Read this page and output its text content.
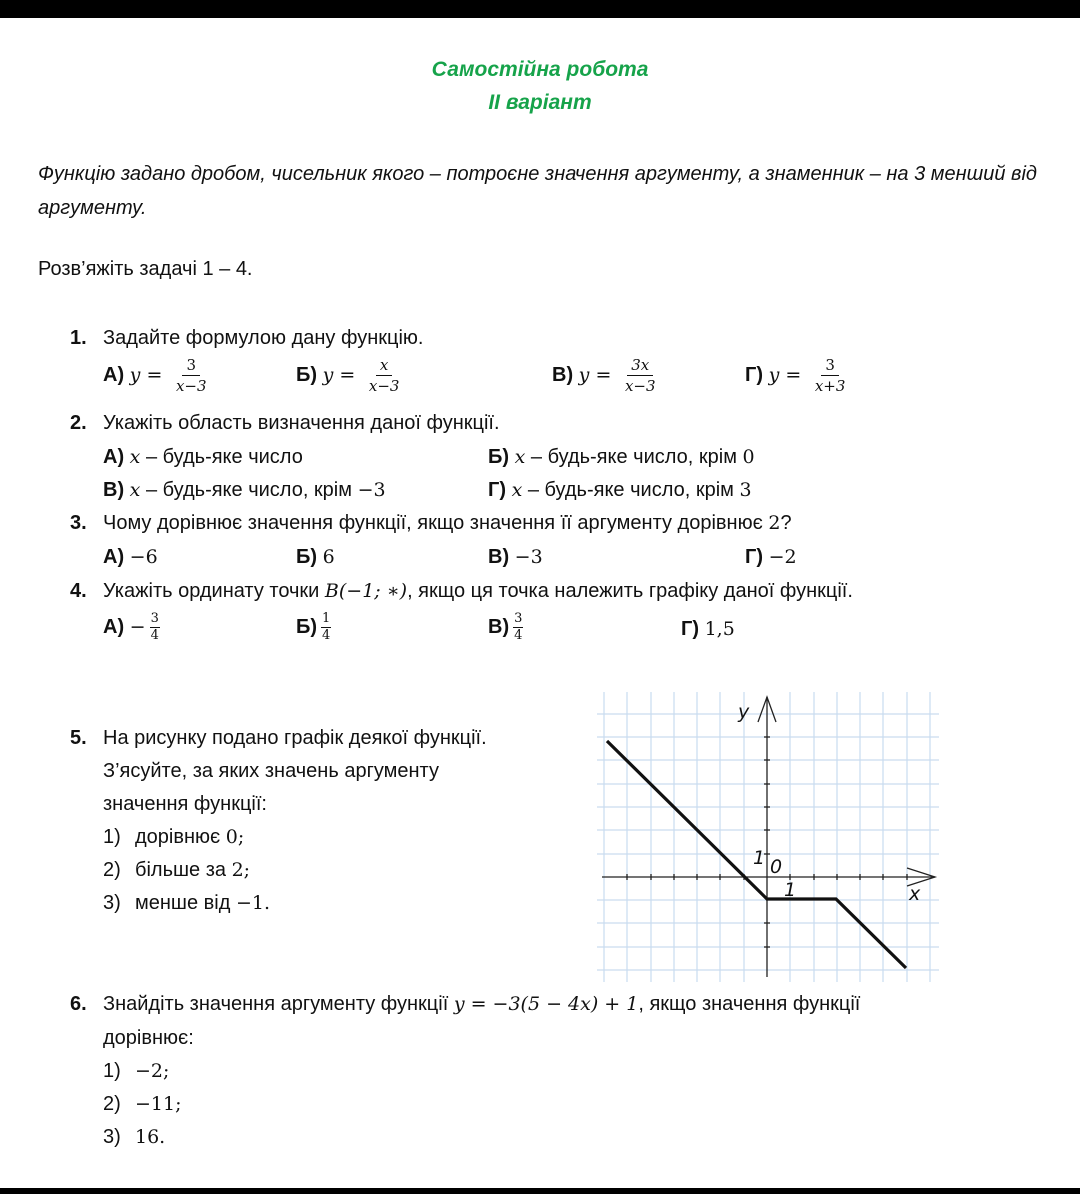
Самостійна робота
ІІ варіант
Функцію задано дробом, чисельник якого – потроєне значення аргументу, а знаменник – на 3 менший від аргументу.
Розв’яжіть задачі 1 – 4.
1. Задайте формулою дану функцію.
А) $y = \frac{3}{x-3}$	Б) $y = \frac{x}{x-3}$	В) $y = \frac{3x}{x-3}$	Г) $y = \frac{3}{x+3}$
2. Укажіть область визначення даної функції.
А) x – будь-яке число	Б) x – будь-яке число, крім 0
В) x – будь-яке число, крім −3	Г) x – будь-яке число, крім 3
3. Чому дорівнює значення функції, якщо значення її аргументу дорівнює 2?
А) −6	Б) 6	В) −3	Г) −2
4. Укажіть ординату точки B(−1; ∗), якщо ця точка належить графіку даної функції.
$А) - \frac{3}{4}$	$Б) \frac{1}{4}$	$В) \frac{3}{4}$	Г) 1,5
5. На рисунку подано графік деякої функції.
З’ясуйте, за яких значень аргументу
значення функції:
1) дорівнює 0;
2) більше за 2;
3) менше від −1.
y
x
0
1
1
6. Знайдіть значення аргументу функції y = −3(5 − 4x) + 1, якщо значення функції
дорівнює:
1) −2;
2) −11;
3) 16.
